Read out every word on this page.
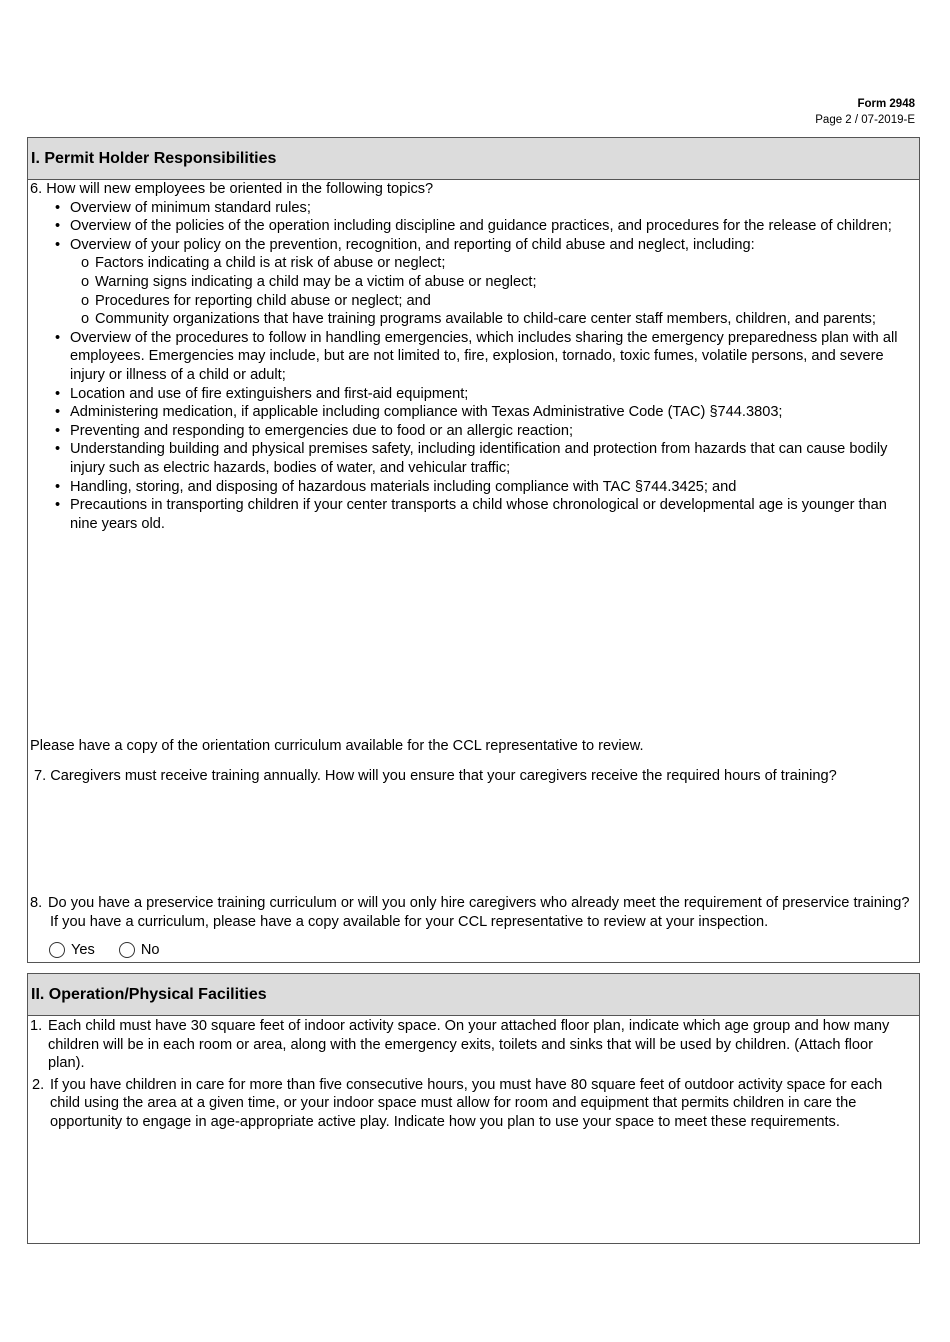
Form 2948
Page 2 / 07-2019-E
I. Permit Holder Responsibilities

6. How will new employees be oriented in the following topics?

• Overview of minimum standard rules;
• Overview of the policies of the operation including discipline and guidance practices, and procedures for the release of children;
• Overview of your policy on the prevention, recognition, and reporting of child abuse and neglect, including:
o Factors indicating a child is at risk of abuse or neglect;
o Warning signs indicating a child may be a victim of abuse or neglect;
o Procedures for reporting child abuse or neglect; and
o Community organizations that have training programs available to child-care center staff members, children, and parents;
• Overview of the procedures to follow in handling emergencies, which includes sharing the emergency preparedness plan with all employees. Emergencies may include, but are not limited to, fire, explosion, tornado, toxic fumes, volatile persons, and severe injury or illness of a child or adult;
• Location and use of fire extinguishers and first-aid equipment;
• Administering medication, if applicable including compliance with Texas Administrative Code (TAC) §744.3803;
• Preventing and responding to emergencies due to food or an allergic reaction;
• Understanding building and physical premises safety, including identification and protection from hazards that can cause bodily injury such as electric hazards, bodies of water, and vehicular traffic;
• Handling, storing, and disposing of hazardous materials including compliance with TAC §744.3425; and
• Precautions in transporting children if your center transports a child whose chronological or developmental age is younger than nine years old.
Please have a copy of the orientation curriculum available for the CCL representative to review.
7. Caregivers must receive training annually. How will you ensure that your caregivers receive the required hours of training?
8. Do you have a preservice training curriculum or will you only hire caregivers who already meet the requirement of preservice training? If you have a curriculum, please have a copy available for your CCL representative to review at your inspection.
Yes	No
II. Operation/Physical Facilities

1. Each child must have 30 square feet of indoor activity space. On your attached floor plan, indicate which age group and how many children will be in each room or area, along with the emergency exits, toilets and sinks that will be used by children. (Attach floor plan).

2. If you have children in care for more than five consecutive hours, you must have 80 square feet of outdoor activity space for each child using the area at a given time, or your indoor space must allow for room and equipment that permits children in care the opportunity to engage in age-appropriate active play. Indicate how you plan to use your space to meet these requirements.
